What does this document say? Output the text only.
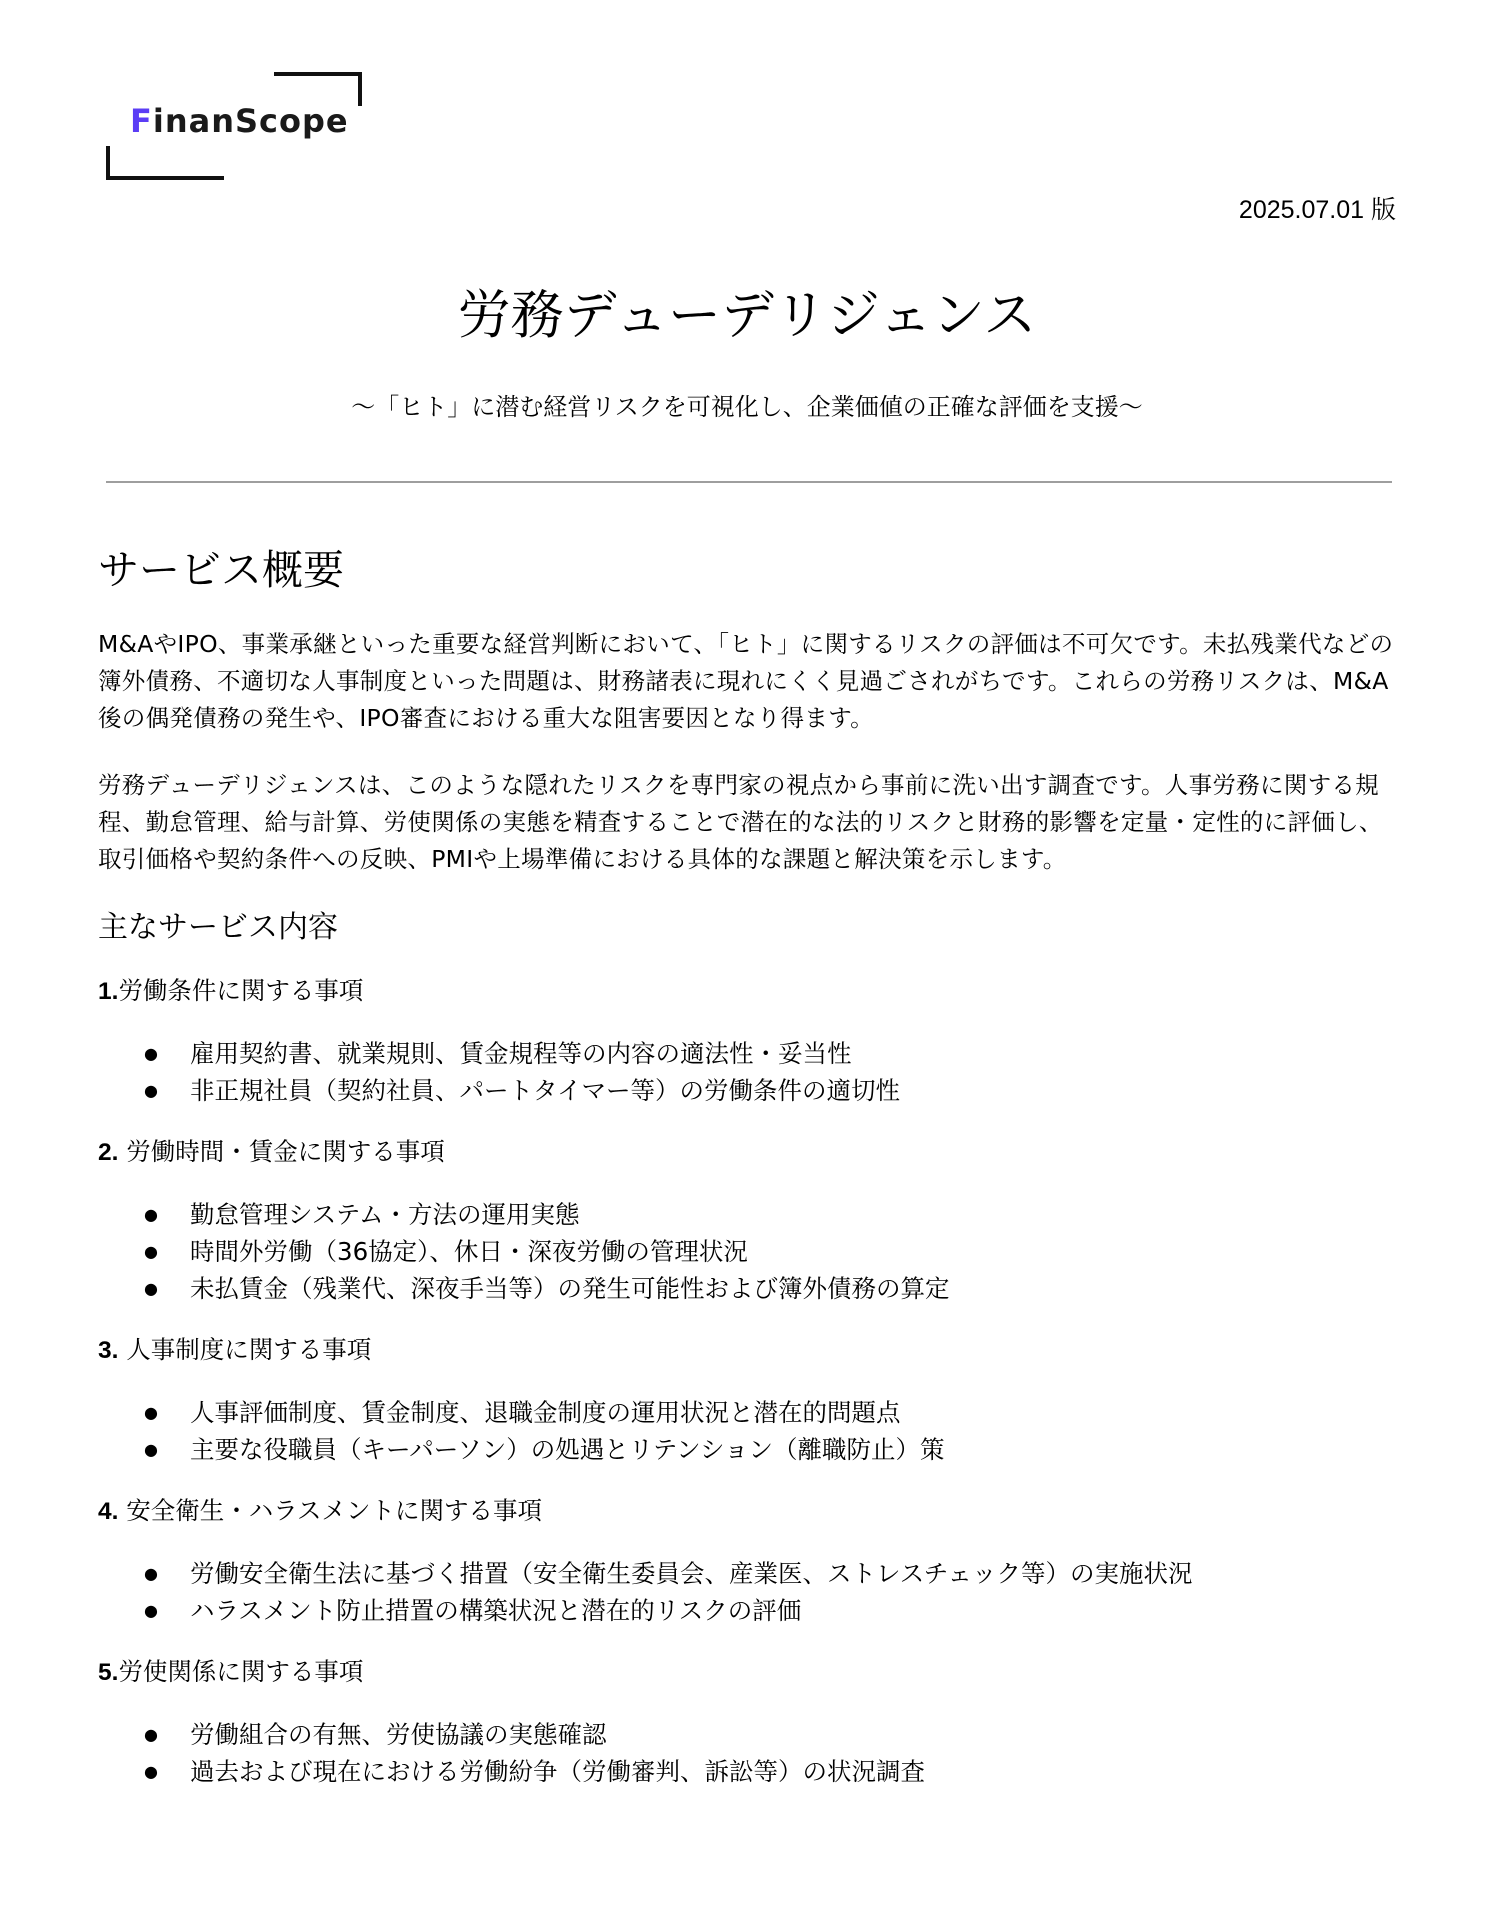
FinanScope
2025.07.01 版
労務デューデリジェンス
〜「ヒト」に潜む経営リスクを可視化し、企業価値の正確な評価を支援〜
サービス概要

M&AやIPO、事業承継といった重要な経営判断において、「ヒト」に関するリスクの評価は不可欠です。未払残業代などの簿外債務、不適切な人事制度といった問題は、財務諸表に現れにくく見過ごされがちです。これらの労務リスクは、M&A後の偶発債務の発生や、IPO審査における重大な阻害要因となり得ます。

労務デューデリジェンスは、このような隠れたリスクを専門家の視点から事前に洗い出す調査です。人事労務に関する規程、勤怠管理、給与計算、労使関係の実態を精査することで潜在的な法的リスクと財務的影響を定量・定性的に評価し、取引価格や契約条件への反映、PMIや上場準備における具体的な課題と解決策を示します。

主なサービス内容
1.労働条件に関する事項
● 雇用契約書、就業規則、賃金規程等の内容の適法性・妥当性
● 非正規社員（契約社員、パートタイマー等）の労働条件の適切性
2. 労働時間・賃金に関する事項
● 勤怠管理システム・方法の運用実態
● 時間外労働（36協定）、休日・深夜労働の管理状況
● 未払賃金（残業代、深夜手当等）の発生可能性および簿外債務の算定
3. 人事制度に関する事項
● 人事評価制度、賃金制度、退職金制度の運用状況と潜在的問題点
● 主要な役職員（キーパーソン）の処遇とリテンション（離職防止）策
4. 安全衛生・ハラスメントに関する事項
● 労働安全衛生法に基づく措置（安全衛生委員会、産業医、ストレスチェック等）の実施状況
● ハラスメント防止措置の構築状況と潜在的リスクの評価
5.労使関係に関する事項
● 労働組合の有無、労使協議の実態確認
● 過去および現在における労働紛争（労働審判、訴訟等）の状況調査
